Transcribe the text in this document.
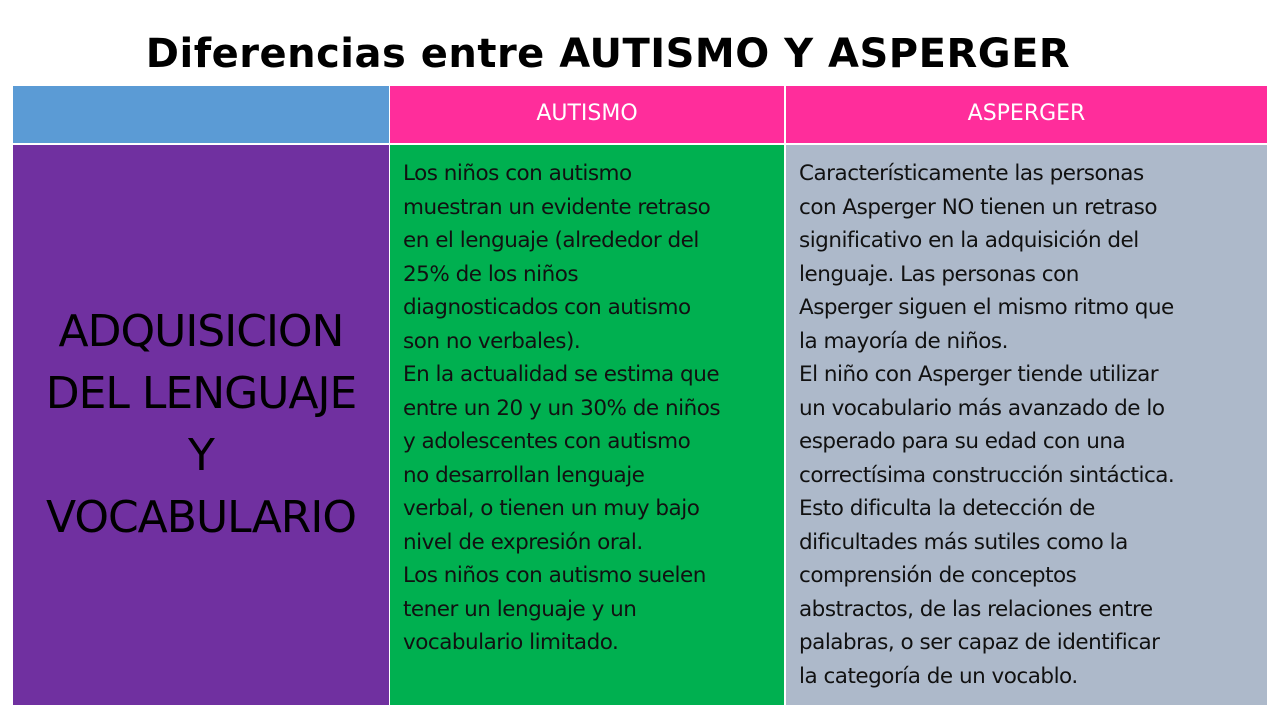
Diferencias entre AUTISMO Y ASPERGER
AUTISMO	ASPERGER
ADQUISICION
DEL LENGUAJE
Y
VOCABULARIO
Los niños con autismo
muestran un evidente retraso
en el lenguaje (alrededor del
25% de los niños
diagnosticados con autismo
son no verbales).
En la actualidad se estima que
entre un 20 y un 30% de niños
y adolescentes con autismo
no desarrollan lenguaje
verbal, o tienen un muy bajo
nivel de expresión oral.
Los niños con autismo suelen
tener un lenguaje y un
vocabulario limitado.
Característicamente las personas
con Asperger NO tienen un retraso
significativo en la adquisición del
lenguaje. Las personas con
Asperger siguen el mismo ritmo que
la mayoría de niños.
El niño con Asperger tiende utilizar
un vocabulario más avanzado de lo
esperado para su edad con una
correctísima construcción sintáctica.
Esto dificulta la detección de
dificultades más sutiles como la
comprensión de conceptos
abstractos, de las relaciones entre
palabras, o ser capaz de identificar
la categoría de un vocablo.
